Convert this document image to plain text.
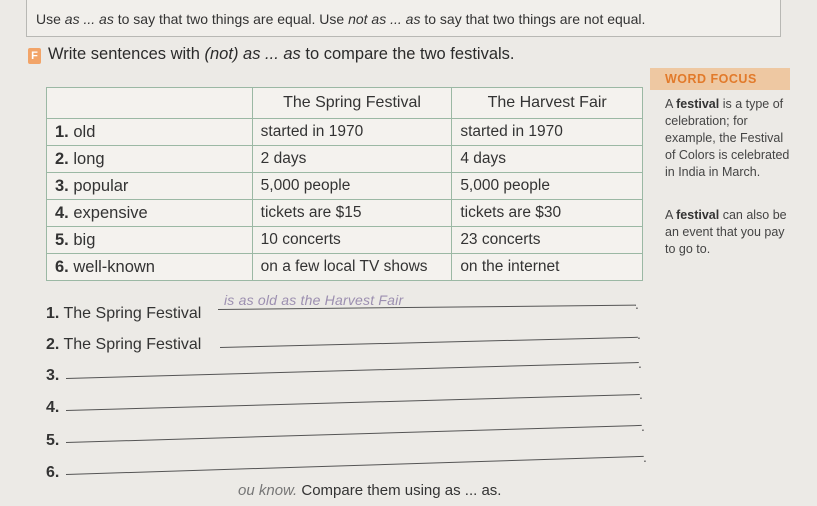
Use as ... as to say that two things are equal. Use not as ... as to say that two things are not equal.
F Write sentences with (not) as ... as to compare the two festivals.
	The Spring Festival	The Harvest Fair
1. old	started in 1970	started in 1970
2. long	2 days	4 days
3. popular	5,000 people	5,000 people
4. expensive	tickets are $15	tickets are $30
5. big	10 concerts	23 concerts
6. well-known	on a few local TV shows	on the internet
WORD FOCUS
A festival is a type of celebration; for example, the Festival of Colors is celebrated in India in March.
A festival can also be an event that you pay to go to.
1. The Spring Festival
is as old as the Harvest Fair	.
2. The Spring Festival
.
3.
.
4.
.
5.
.
6.
.
ou know. Compare them using as ... as.
